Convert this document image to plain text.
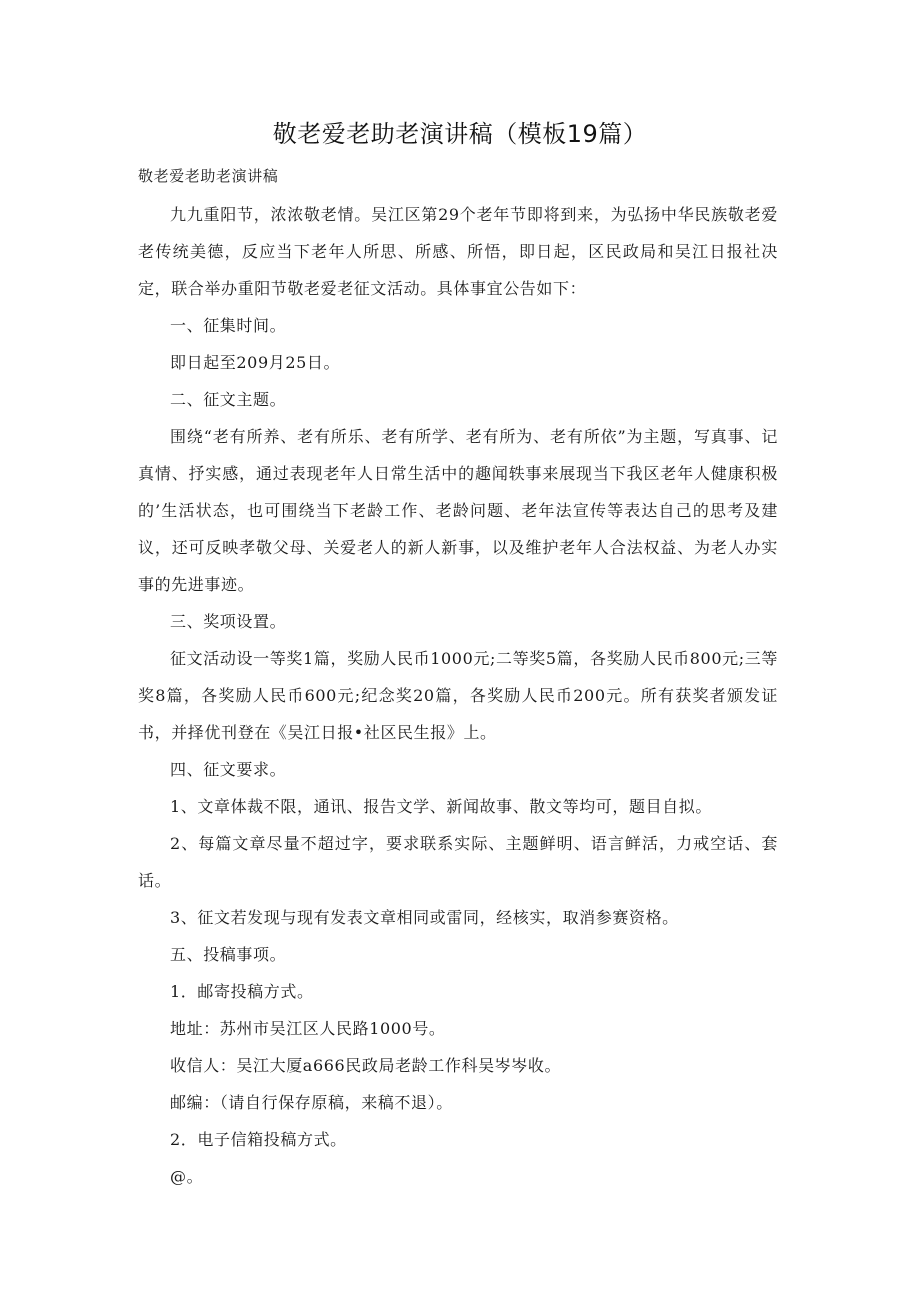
敬老爱老助老演讲稿（模板19篇）
敬老爱老助老演讲稿

九九重阳节，浓浓敬老情。吴江区第29个老年节即将到来，为弘扬中华民族敬老爱老传统美德，反应当下老年人所思、所感、所悟，即日起，区民政局和吴江日报社决定，联合举办重阳节敬老爱老征文活动。具体事宜公告如下：

一、征集时间。

即日起至209月25日。

二、征文主题。

围绕“老有所养、老有所乐、老有所学、老有所为、老有所依”为主题，写真事、记真情、抒实感，通过表现老年人日常生活中的趣闻轶事来展现当下我区老年人健康积极的’生活状态，也可围绕当下老龄工作、老龄问题、老年法宣传等表达自己的思考及建议，还可反映孝敬父母、关爱老人的新人新事，以及维护老年人合法权益、为老人办实事的先进事迹。

三、奖项设置。

征文活动设一等奖1篇，奖励人民币1000元;二等奖5篇，各奖励人民币800元;三等奖8篇，各奖励人民币600元;纪念奖20篇，各奖励人民币200元。所有获奖者颁发证书，并择优刊登在《吴江日报•社区民生报》上。

四、征文要求。

1、文章体裁不限，通讯、报告文学、新闻故事、散文等均可，题目自拟。

2、每篇文章尽量不超过字，要求联系实际、主题鲜明、语言鲜活，力戒空话、套话。

3、征文若发现与现有发表文章相同或雷同，经核实，取消参赛资格。

五、投稿事项。

1．邮寄投稿方式。

地址：苏州市吴江区人民路1000号。

收信人：吴江大厦a666民政局老龄工作科吴岑岑收。

邮编：（请自行保存原稿，来稿不退）。

2．电子信箱投稿方式。

@。
